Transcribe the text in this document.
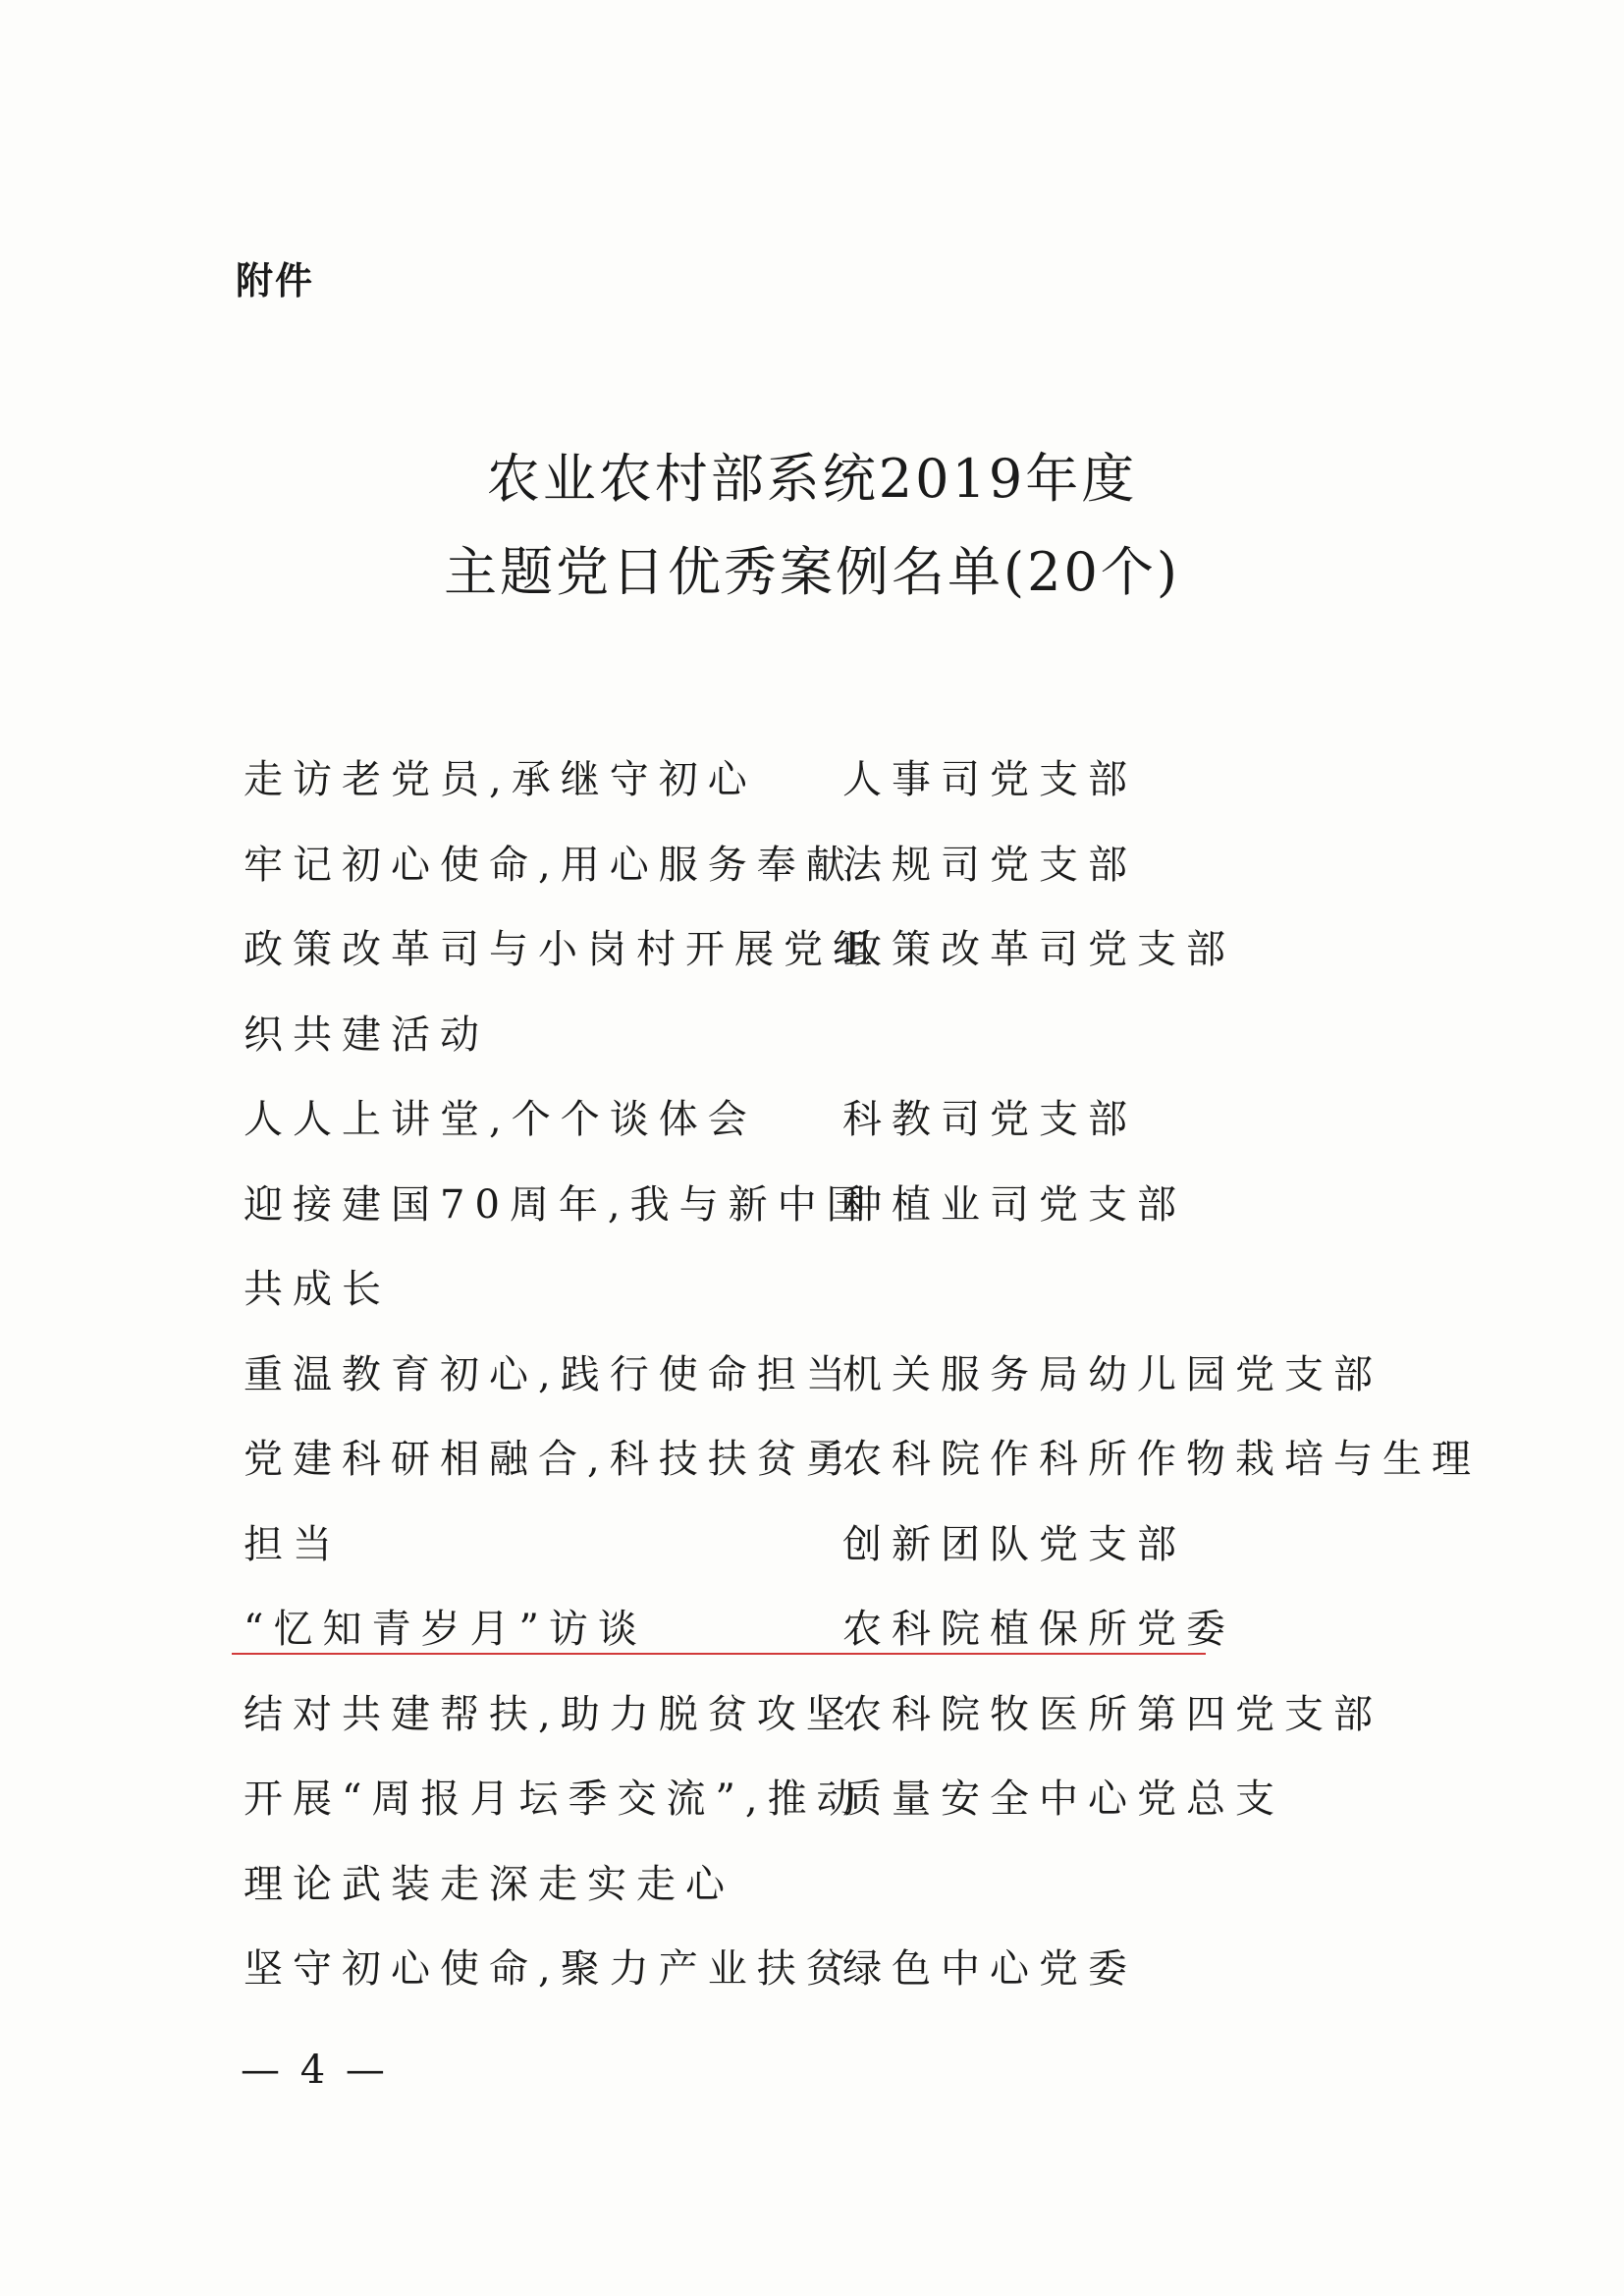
附件
农业农村部系统2019年度
主题党日优秀案例名单(20个)
走访老党员,承继守初心 人事司党支部
牢记初心使命,用心服务奉献
法规司党支部
政策改革司与小岗村开展党组
政策改革司党支部
织共建活动
人人上讲堂,个个谈体会 科教司党支部
迎接建国70周年,我与新中国
种植业司党支部
共成长
重温教育初心,践行使命担当
机关服务局幼儿园党支部
党建科研相融合,科技扶贫勇
农科院作科所作物栽培与生理
担当	创新团队党支部
“忆知青岁月”访谈	农科院植保所党委
结对共建帮扶,助力脱贫攻坚
农科院牧医所第四党支部
开展“周报月坛季交流”,推动
质量安全中心党总支
理论武装走深走实走心
坚守初心使命,聚力产业扶贫
绿色中心党委
— 4 —
